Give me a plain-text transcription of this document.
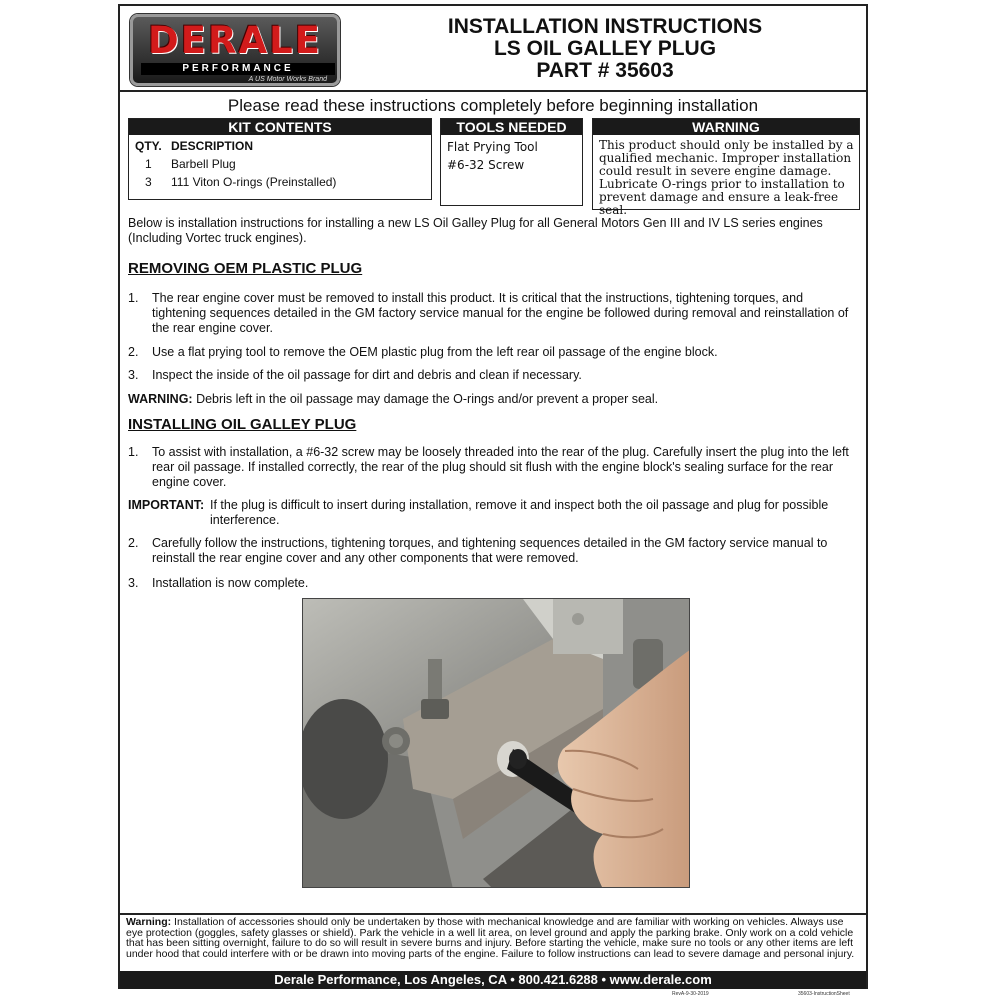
DERALE
PERFORMANCE
A US Motor Works Brand
INSTALLATION INSTRUCTIONS
LS OIL GALLEY PLUG
PART # 35603
Please read these instructions completely before beginning installation
KIT CONTENTS
QTY. DESCRIPTION
1 Barbell Plug
3 111 Viton O-rings (Preinstalled)
TOOLS NEEDED
Flat Prying Tool
#6-32 Screw
WARNING
This product should only be installed by a qualified mechanic. Improper installation could result in severe engine damage. Lubricate O-rings prior to installation to prevent damage and ensure a leak-free seal.
Below is installation instructions for installing a new LS Oil Galley Plug for all General Motors Gen III and IV LS series engines (Including Vortec truck engines).
REMOVING OEM PLASTIC PLUG
1. The rear engine cover must be removed to install this product. It is critical that the instructions, tightening torques, and tightening sequences detailed in the GM factory service manual for the engine be followed during removal and reinstallation of the rear engine cover.
2. Use a flat prying tool to remove the OEM plastic plug from the left rear oil passage of the engine block.
3. Inspect the inside of the oil passage for dirt and debris and clean if necessary.
WARNING: Debris left in the oil passage may damage the O-rings and/or prevent a proper seal.
INSTALLING OIL GALLEY PLUG
1. To assist with installation, a #6-32 screw may be loosely threaded into the rear of the plug. Carefully insert the plug into the left rear oil passage. If installed correctly, the rear of the plug should sit flush with the engine block's sealing surface for the rear engine cover.
IMPORTANT: If the plug is difficult to insert during installation, remove it and inspect both the oil passage and plug for possible interference.
2. Carefully follow the instructions, tightening torques, and tightening sequences detailed in the GM factory service manual to reinstall the rear engine cover and any other components that were removed.
3. Installation is now complete.
Warning: Installation of accessories should only be undertaken by those with mechanical knowledge and are familiar with working on vehicles. Always use eye protection (goggles, safety glasses or shield). Park the vehicle in a well lit area, on level ground and apply the parking brake. Only work on a cold vehicle that has been sitting overnight, failure to do so will result in severe burns and injury. Before starting the vehicle, make sure no tools or any other items are left under hood that could interfere with or be drawn into moving parts of the engine. Failure to follow instructions can lead to severe damage and personal injury.
Derale Performance, Los Angeles, CA • 800.421.6288 • www.derale.com
RevA-9-30-2019	35603-InstructionSheet
